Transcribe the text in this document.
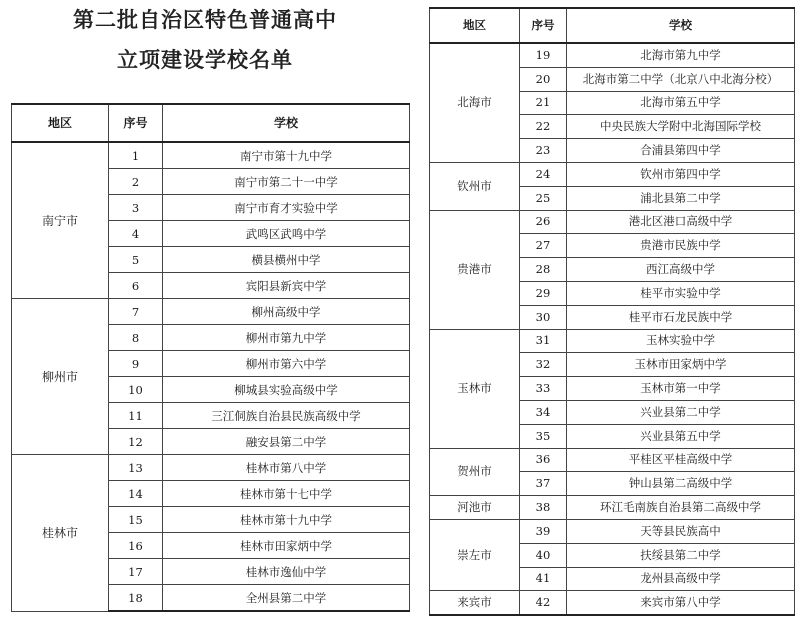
第二批自治区特色普通高中
立项建设学校名单
地区	序号	学校
南宁市	1	南宁市第十九中学
	2	南宁市第二十一中学
	3	南宁市育才实验中学
	4	武鸣区武鸣中学
	5	横县横州中学
	6	宾阳县新宾中学
柳州市	7	柳州高级中学
	8	柳州市第九中学
	9	柳州市第六中学
	10	柳城县实验高级中学
	11	三江侗族自治县民族高级中学
	12	融安县第二中学
桂林市	13	桂林市第八中学
	14	桂林市第十七中学
	15	桂林市第十九中学
	16	桂林市田家炳中学
	17	桂林市逸仙中学
	18	全州县第二中学
地区	序号	学校
北海市	19	北海市第九中学
	20	北海市第二中学（北京八中北海分校）
	21	北海市第五中学
	22	中央民族大学附中北海国际学校
	23	合浦县第四中学
钦州市	24	钦州市第四中学
	25	浦北县第二中学
贵港市	26	港北区港口高级中学
	27	贵港市民族中学
	28	西江高级中学
	29	桂平市实验中学
	30	桂平市石龙民族中学
玉林市	31	玉林实验中学
	32	玉林市田家炳中学
	33	玉林市第一中学
	34	兴业县第二中学
	35	兴业县第五中学
贺州市	36	平桂区平桂高级中学
	37	钟山县第二高级中学
河池市	38	环江毛南族自治县第二高级中学
崇左市	39	天等县民族高中
	40	扶绥县第二中学
	41	龙州县高级中学
来宾市	42	来宾市第八中学
